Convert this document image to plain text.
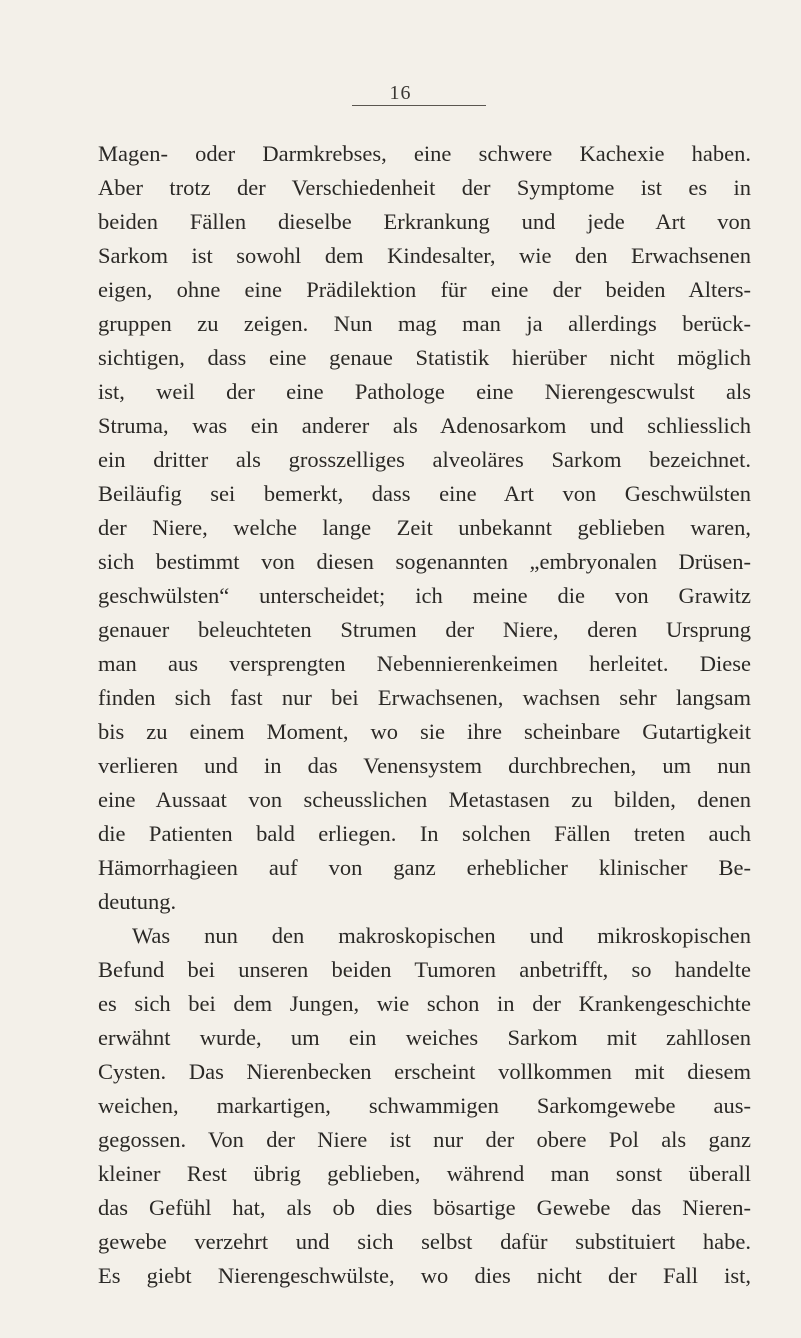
16
Magen- oder Darmkrebses, eine schwere Kachexie haben.
Aber trotz der Verschiedenheit der Symptome ist es in
beiden Fällen dieselbe Erkrankung und jede Art von
Sarkom ist sowohl dem Kindesalter, wie den Erwachsenen
eigen, ohne eine Prädilektion für eine der beiden Alters-
gruppen zu zeigen. Nun mag man ja allerdings berück-
sichtigen, dass eine genaue Statistik hierüber nicht möglich
ist, weil der eine Pathologe eine Nierengescwulst als
Struma, was ein anderer als Adenosarkom und schliesslich
ein dritter als grosszelliges alveoläres Sarkom bezeichnet.
Beiläufig sei bemerkt, dass eine Art von Geschwülsten
der Niere, welche lange Zeit unbekannt geblieben waren,
sich bestimmt von diesen sogenannten „embryonalen Drüsen-
geschwülsten“ unterscheidet; ich meine die von Grawitz
genauer beleuchteten Strumen der Niere, deren Ursprung
man aus versprengten Nebennierenkeimen herleitet. Diese
finden sich fast nur bei Erwachsenen, wachsen sehr langsam
bis zu einem Moment, wo sie ihre scheinbare Gutartigkeit
verlieren und in das Venensystem durchbrechen, um nun
eine Aussaat von scheusslichen Metastasen zu bilden, denen
die Patienten bald erliegen. In solchen Fällen treten auch
Hämorrhagieen auf von ganz erheblicher klinischer Be-
deutung.
Was nun den makroskopischen und mikroskopischen
Befund bei unseren beiden Tumoren anbetrifft, so handelte
es sich bei dem Jungen, wie schon in der Krankengeschichte
erwähnt wurde, um ein weiches Sarkom mit zahllosen
Cysten. Das Nierenbecken erscheint vollkommen mit diesem
weichen, markartigen, schwammigen Sarkomgewebe aus-
gegossen. Von der Niere ist nur der obere Pol als ganz
kleiner Rest übrig geblieben, während man sonst überall
das Gefühl hat, als ob dies bösartige Gewebe das Nieren-
gewebe verzehrt und sich selbst dafür substituiert habe.
Es giebt Nierengeschwülste, wo dies nicht der Fall ist,
